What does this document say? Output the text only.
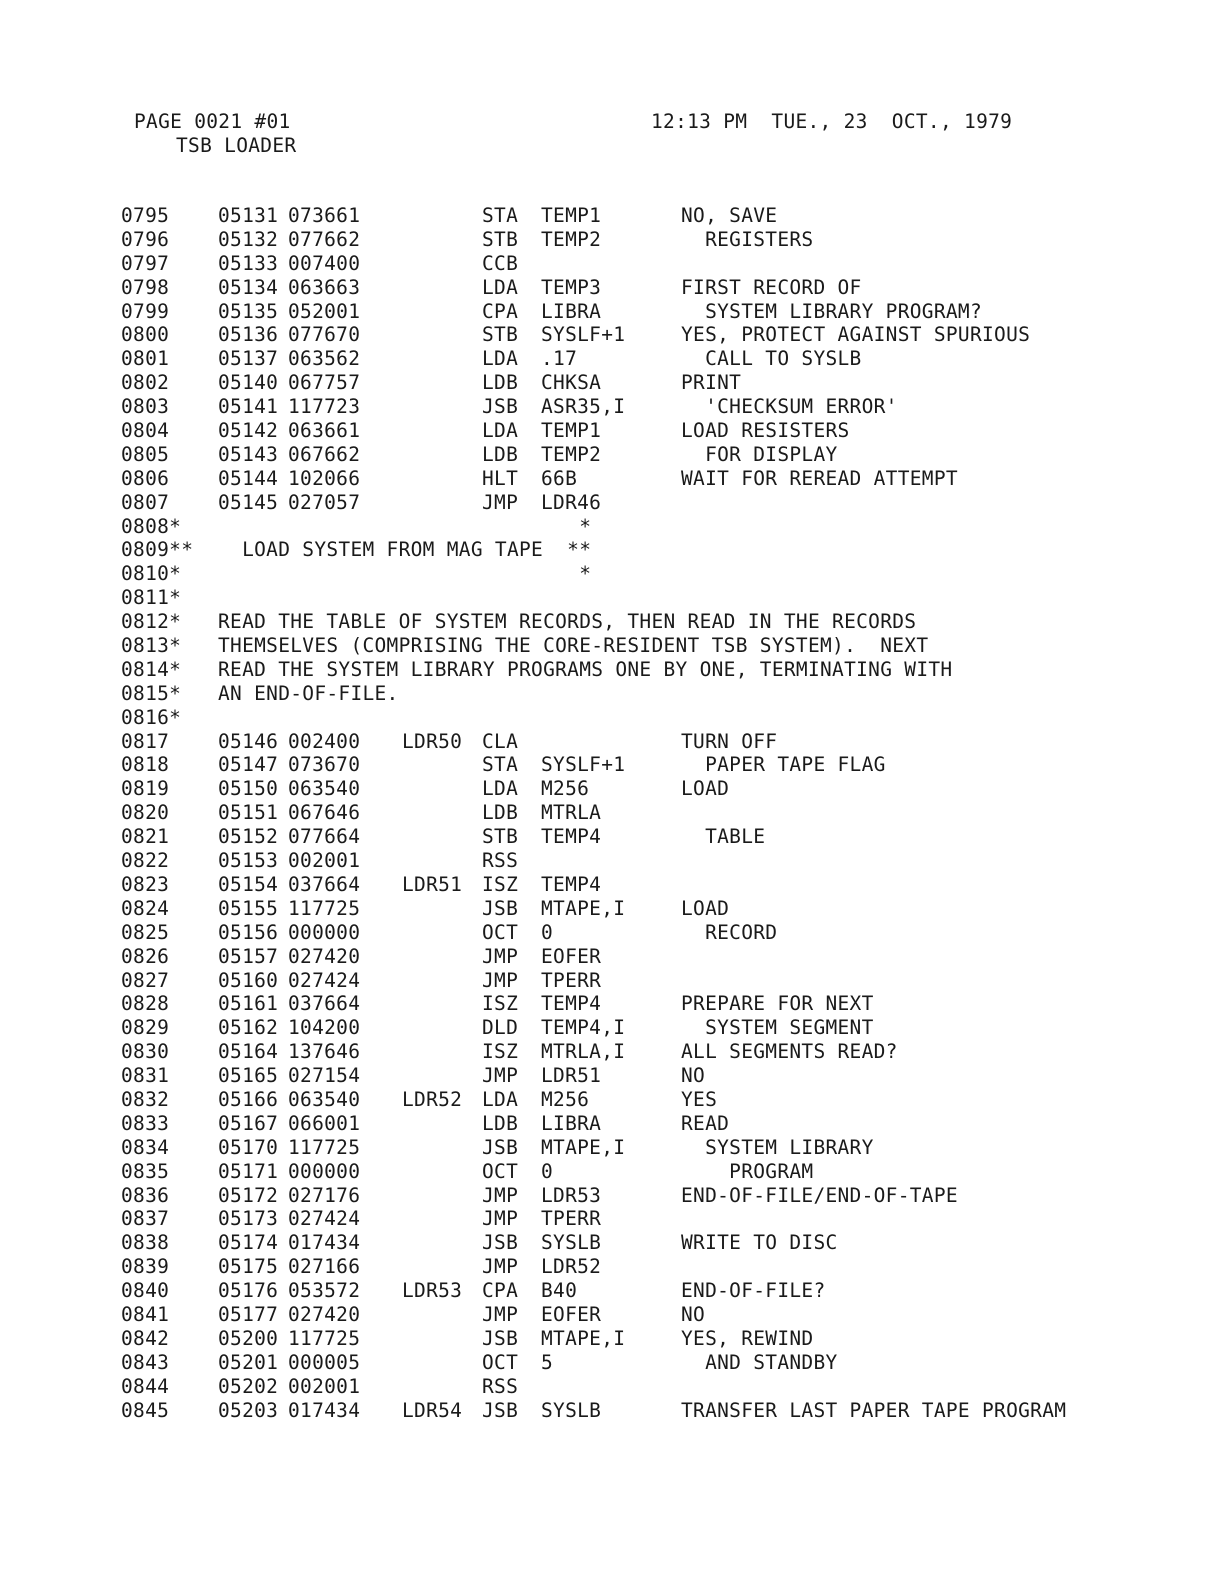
PAGE 0021 #01
TSB LOADER
12:13 PM  TUE., 23  OCT., 1979
0795	05131 073661	STA TEMP1	NO, SAVE
0796	05132 077662	STB TEMP2	REGISTERS
0797	05133 007400	CCB
0798	05134 063663	LDA TEMP3	FIRST RECORD OF
0799	05135 052001	CPA LIBRA	SYSTEM LIBRARY PROGRAM?
0800	05136 077670	STB SYSLF+1	YES, PROTECT AGAINST SPURIOUS
0801	05137 063562	LDA .17	CALL TO SYSLB
0802	05140 067757	LDB CHKSA	PRINT
0803	05141 117723	JSB ASR35,I	'CHECKSUM ERROR'
0804	05142 063661	LDA TEMP1	LOAD RESISTERS
0805	05143 067662	LDB TEMP2	FOR DISPLAY
0806	05144 102066	HLT 66B	WAIT FOR REREAD ATTEMPT
0807	05145 027057	JMP LDR46
0808* *
0809** LOAD SYSTEM FROM MAG TAPE  **
0810* *
0811*
0812* READ THE TABLE OF SYSTEM RECORDS, THEN READ IN THE RECORDS
0813* THEMSELVES (COMPRISING THE CORE-RESIDENT TSB SYSTEM).  NEXT
0814* READ THE SYSTEM LIBRARY PROGRAMS ONE BY ONE, TERMINATING WITH
0815* AN END-OF-FILE.
0816*
0817	05146 002400 LDR50 CLA	TURN OFF
0818	05147 073670	STA SYSLF+1	PAPER TAPE FLAG
0819	05150 063540	LDA M256	LOAD
0820	05151 067646	LDB MTRLA
0821	05152 077664	STB TEMP4	TABLE
0822	05153 002001	RSS
0823	05154 037664 LDR51 ISZ TEMP4
0824	05155 117725	JSB MTAPE,I	LOAD
0825	05156 000000	OCT 0	RECORD
0826	05157 027420	JMP EOFER
0827	05160 027424	JMP TPERR
0828	05161 037664	ISZ TEMP4	PREPARE FOR NEXT
0829	05162 104200	DLD TEMP4,I	SYSTEM SEGMENT
0830	05164 137646	ISZ MTRLA,I	ALL SEGMENTS READ?
0831	05165 027154	JMP LDR51	NO
0832	05166 063540 LDR52 LDA M256	YES
0833	05167 066001	LDB LIBRA	READ
0834	05170 117725	JSB MTAPE,I	SYSTEM LIBRARY
0835	05171 000000	OCT 0	PROGRAM
0836	05172 027176	JMP LDR53	END-OF-FILE/END-OF-TAPE
0837	05173 027424	JMP TPERR
0838	05174 017434	JSB SYSLB	WRITE TO DISC
0839	05175 027166	JMP LDR52
0840	05176 053572 LDR53 CPA B40	END-OF-FILE?
0841	05177 027420	JMP EOFER	NO
0842	05200 117725	JSB MTAPE,I	YES, REWIND
0843	05201 000005	OCT 5	AND STANDBY
0844	05202 002001	RSS
0845	05203 017434 LDR54 JSB SYSLB	TRANSFER LAST PAPER TAPE PROGRAM
